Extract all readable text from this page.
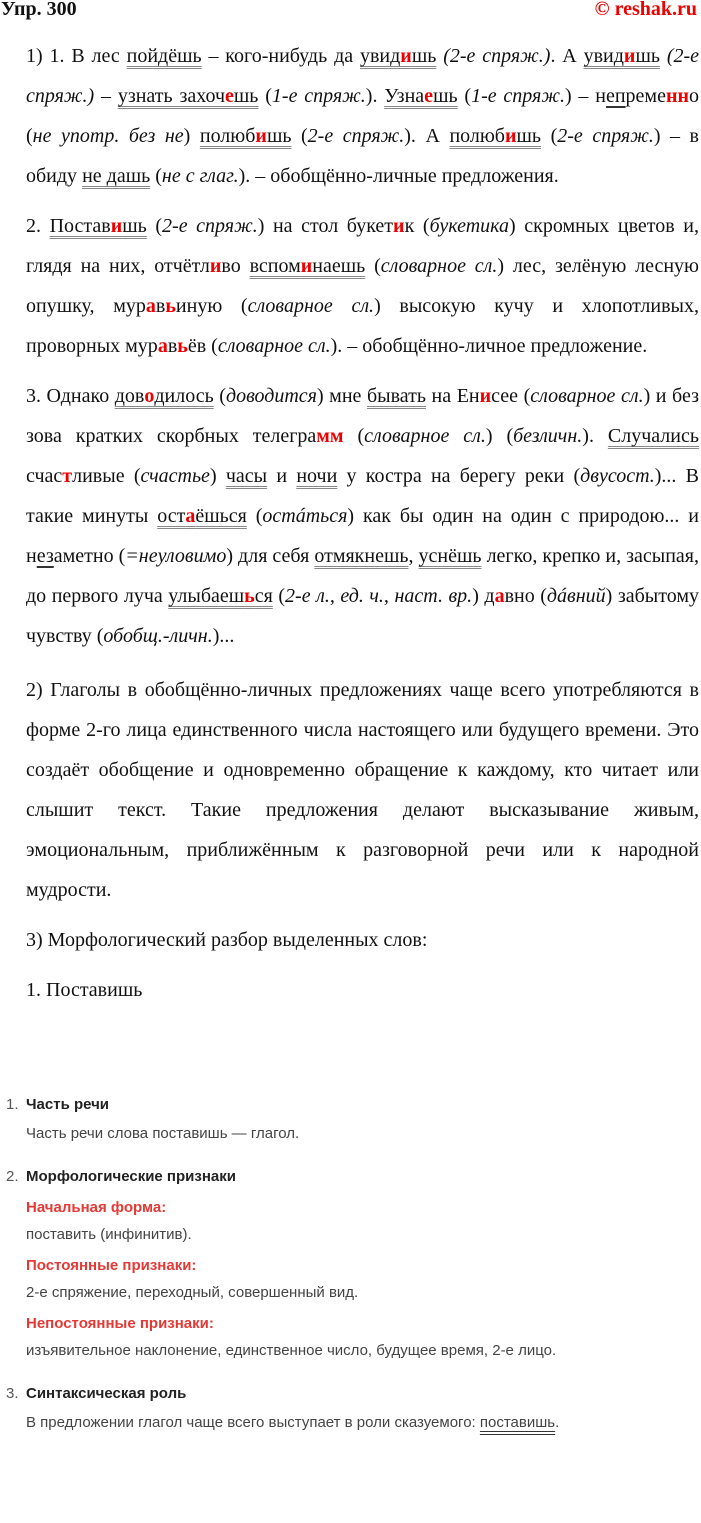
Упр. 300	© reshak.ru

1) 1. В лес пойдёшь – кого-нибудь да увидишь (2-е спряж.). А увидишь (2-е спряж.) – узнать захочешь (1-е спряж.). Узнаешь (1-е спряж.) – непременно (не употр. без не) полюбишь (2-е спряж.). А полюбишь (2-е спряж.) – в обиду не дашь (не с глаг.). – обобщённо-личные предложения.

2. Поставишь (2-е спряж.) на стол букетик (букетика) скромных цветов и, глядя на них, отчётливо вспоминаешь (словарное сл.) лес, зелёную лесную опушку, муравьиную (словарное сл.) высокую кучу и хлопотливых, проворных муравьёв (словарное сл.). – обобщённо-личное предложение.

3. Однако доводилось (доводится) мне бывать на Енисее (словарное сл.) и без зова кратких скорбных телеграмм (словарное сл.) (безличн.). Случались счастливые (счастье) часы и ночи у костра на берегу реки (двусост.)... В такие минуты остаёшься (остáться) как бы один на один с природою... и незаметно (=неуловимо) для себя отмякнешь, уснёшь легко, крепко и, засыпая, до первого луча улыбаешься (2-е л., ед. ч., наст. вр.) давно (дáвний) забытому чувству (обобщ.-личн.)...

2) Глаголы в обобщённо-личных предложениях чаще всего употребляются в форме 2-го лица единственного числа настоящего или будущего времени. Это создаёт обобщение и одновременно обращение к каждому, кто читает или слышит текст. Такие предложения делают высказывание живым, эмоциональным, приближённым к разговорной речи или к народной мудрости.

3) Морфологический разбор выделенных слов:

1. Поставишь

1. Часть речи
Часть речи слова поставишь — глагол.
2. Морфологические признаки
Начальная форма:
поставить (инфинитив).
Постоянные признаки:
2-е спряжение, переходный, совершенный вид.
Непостоянные признаки:
изъявительное наклонение, единственное число, будущее время, 2-е лицо.
3. Синтаксическая роль
В предложении глагол чаще всего выступает в роли сказуемого: поставишь.
